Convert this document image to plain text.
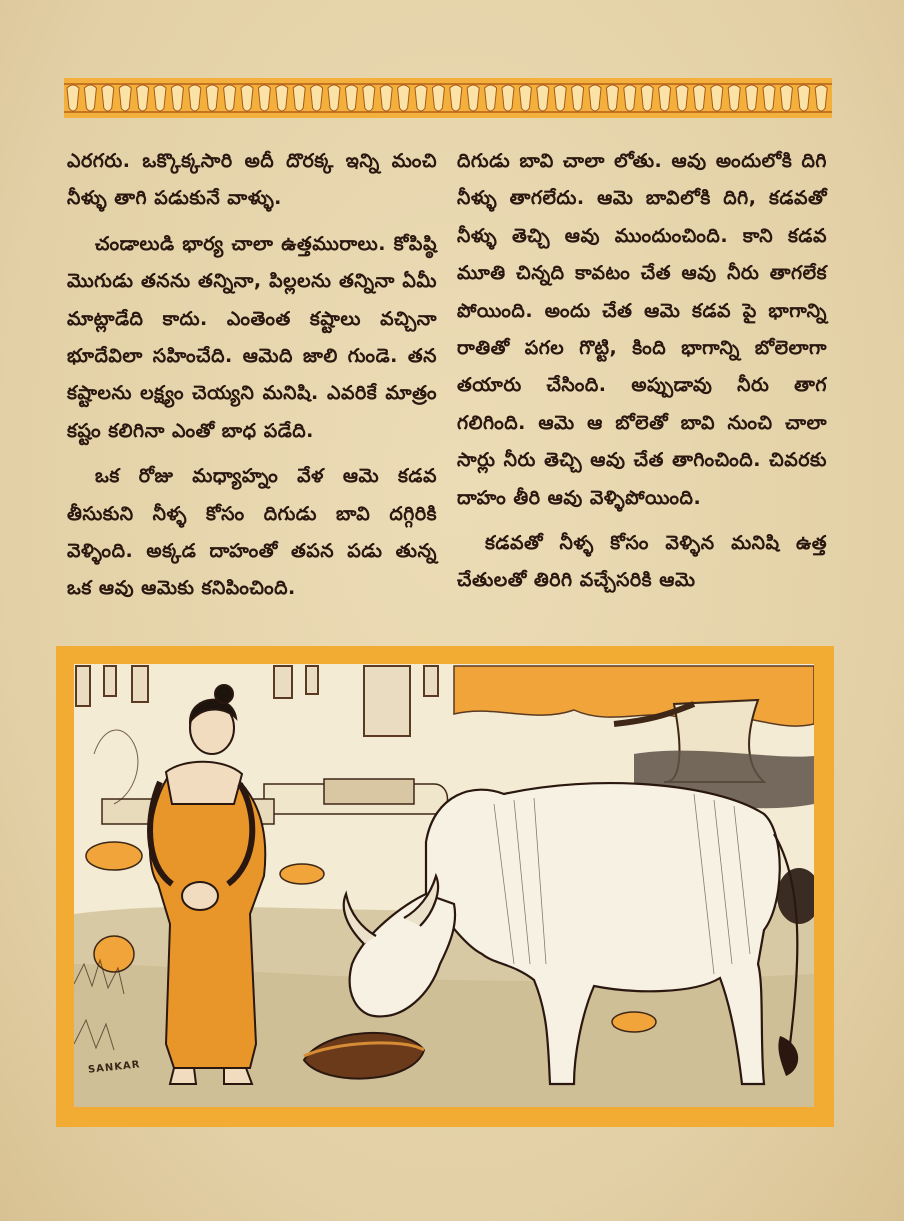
ఎరగరు. ఒక్కొక్కసారి అదీ దొరక్క ఇన్ని మంచి నీళ్ళు తాగి పడుకునే వాళ్ళు.

చండాలుడి భార్య చాలా ఉత్తమురాలు. కోపిష్ఠి మొగుడు తనను తన్నినా, పిల్లలను తన్నినా ఏమీ మాట్లాడేది కాదు. ఎంతెంత కష్టాలు వచ్చినా భూదేవిలా సహించేది. ఆమెది జాలి గుండె. తన కష్టాలను లక్ష్యం చెయ్యని మనిషి. ఎవరికే మాత్రం కష్టం కలిగినా ఎంతో బాధ పడేది.

ఒక రోజు మధ్యాహ్నం వేళ ఆమె కడవ తీసుకుని నీళ్ళ కోసం దిగుడు బావి దగ్గిరికి వెళ్ళింది. అక్కడ దాహంతో తపన పడు తున్న ఒక ఆవు ఆమెకు కనిపించింది.

దిగుడు బావి చాలా లోతు. ఆవు అందులోకి దిగి నీళ్ళు తాగలేదు. ఆమె బావిలోకి దిగి, కడవతో నీళ్ళు తెచ్చి ఆవు ముందుంచింది. కాని కడవ మూతి చిన్నది కావటం చేత ఆవు నీరు తాగలేక పోయింది. అందు చేత ఆమె కడవ పై భాగాన్ని రాతితో పగల గొట్టి, కింది భాగాన్ని బోలెలాగా తయారు చేసింది. అప్పుడావు నీరు తాగ గలిగింది. ఆమె ఆ బోలెతో బావి నుంచి చాలా సార్లు నీరు తెచ్చి ఆవు చేత తాగించింది. చివరకు దాహం తీరి ఆవు వెళ్ళిపోయింది.

కడవతో నీళ్ళ కోసం వెళ్ళిన మనిషి ఉత్త చేతులతో తిరిగి వచ్చేసరికి ఆమె

SANKAR
